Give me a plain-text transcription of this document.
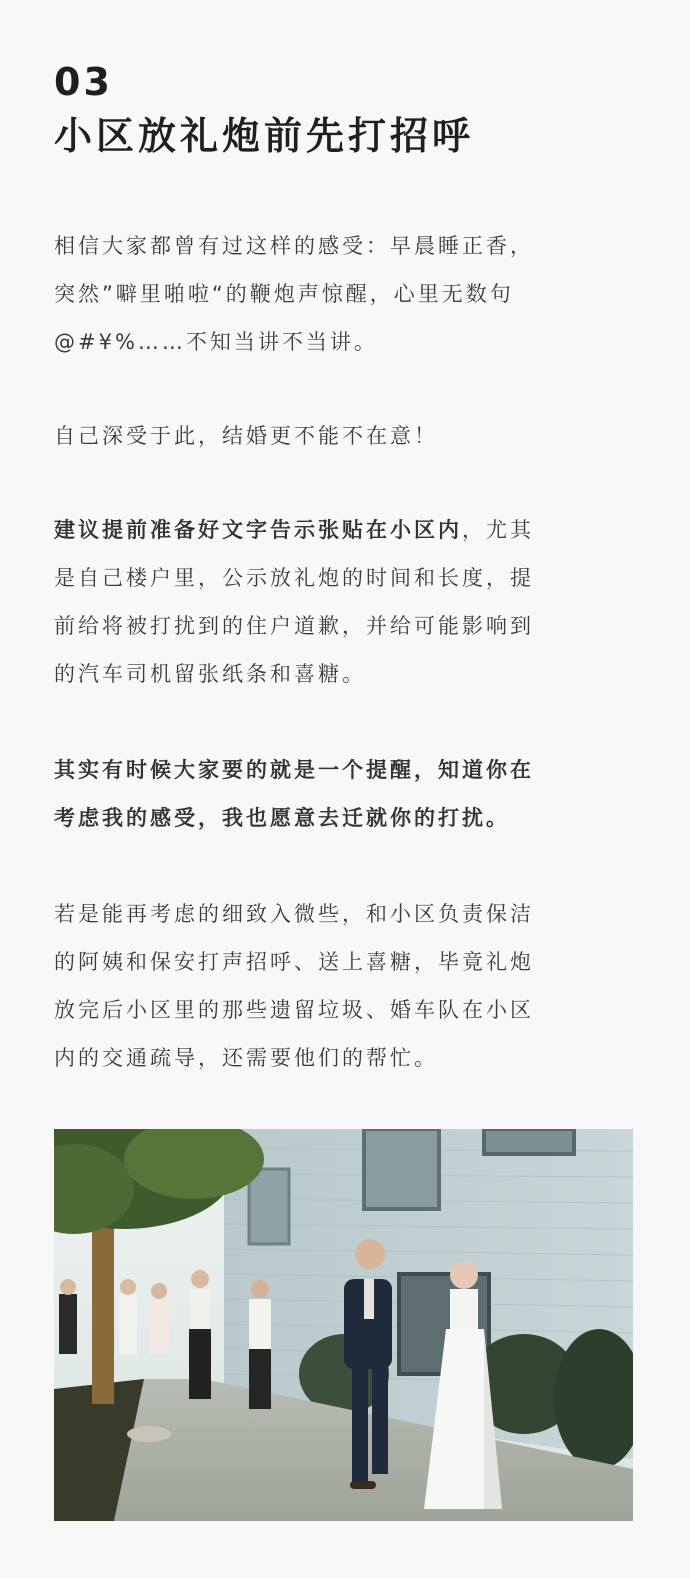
03
小区放礼炮前先打招呼

相信大家都曾有过这样的感受：早晨睡正香，
突然”噼里啪啦“的鞭炮声惊醒，心里无数句
@#¥%……不知当讲不当讲。

自己深受于此，结婚更不能不在意！

建议提前准备好文字告示张贴在小区内，尤其
是自己楼户里，公示放礼炮的时间和长度，提
前给将被打扰到的住户道歉，并给可能影响到
的汽车司机留张纸条和喜糖。

其实有时候大家要的就是一个提醒，知道你在
考虑我的感受，我也愿意去迁就你的打扰。

若是能再考虑的细致入微些，和小区负责保洁
的阿姨和保安打声招呼、送上喜糖，毕竟礼炮
放完后小区里的那些遗留垃圾、婚车队在小区
内的交通疏导，还需要他们的帮忙。
